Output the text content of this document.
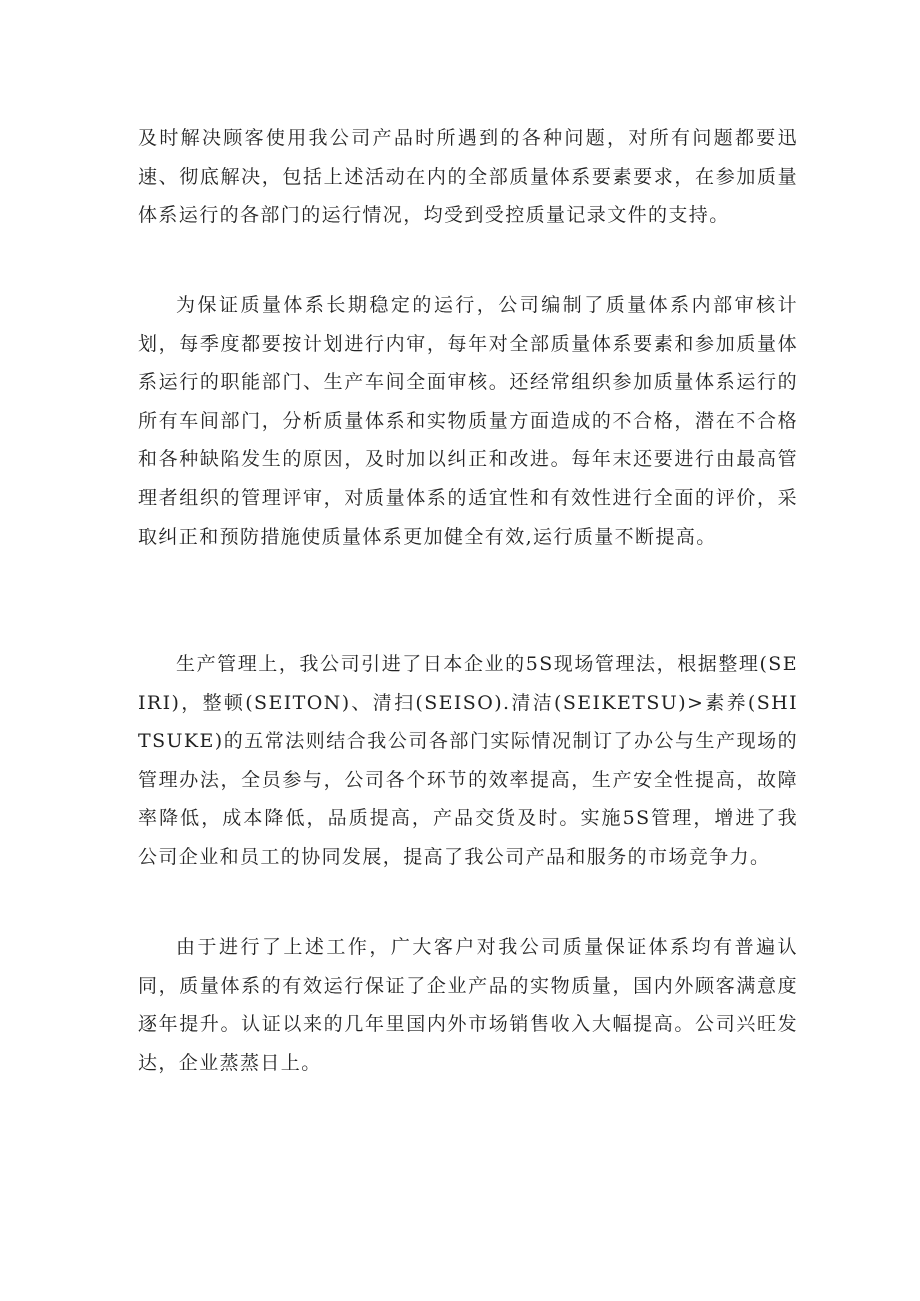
及时解决顾客使用我公司产品时所遇到的各种问题，对所有问题都要迅速、彻底解决，包括上述活动在内的全部质量体系要素要求，在参加质量体系运行的各部门的运行情况，均受到受控质量记录文件的支持。

为保证质量体系长期稳定的运行，公司编制了质量体系内部审核计划，每季度都要按计划进行内审，每年对全部质量体系要素和参加质量体系运行的职能部门、生产车间全面审核。还经常组织参加质量体系运行的所有车间部门，分析质量体系和实物质量方面造成的不合格，潜在不合格和各种缺陷发生的原因，及时加以纠正和改进。每年末还要进行由最高管理者组织的管理评审，对质量体系的适宜性和有效性进行全面的评价，采取纠正和预防措施使质量体系更加健全有效,运行质量不断提高。

生产管理上，我公司引进了日本企业的5S现场管理法，根据整理(SEIRI)，整顿(SEITON)、清扫(SEISO).清洁(SEIKETSU)>素养(SHITSUKE)的五常法则结合我公司各部门实际情况制订了办公与生产现场的管理办法，全员参与，公司各个环节的效率提高，生产安全性提高，故障率降低，成本降低，品质提高，产品交货及时。实施5S管理，增进了我公司企业和员工的协同发展，提高了我公司产品和服务的市场竞争力。

由于进行了上述工作，广大客户对我公司质量保证体系均有普遍认同，质量体系的有效运行保证了企业产品的实物质量，国内外顾客满意度逐年提升。认证以来的几年里国内外市场销售收入大幅提高。公司兴旺发达，企业蒸蒸日上。
